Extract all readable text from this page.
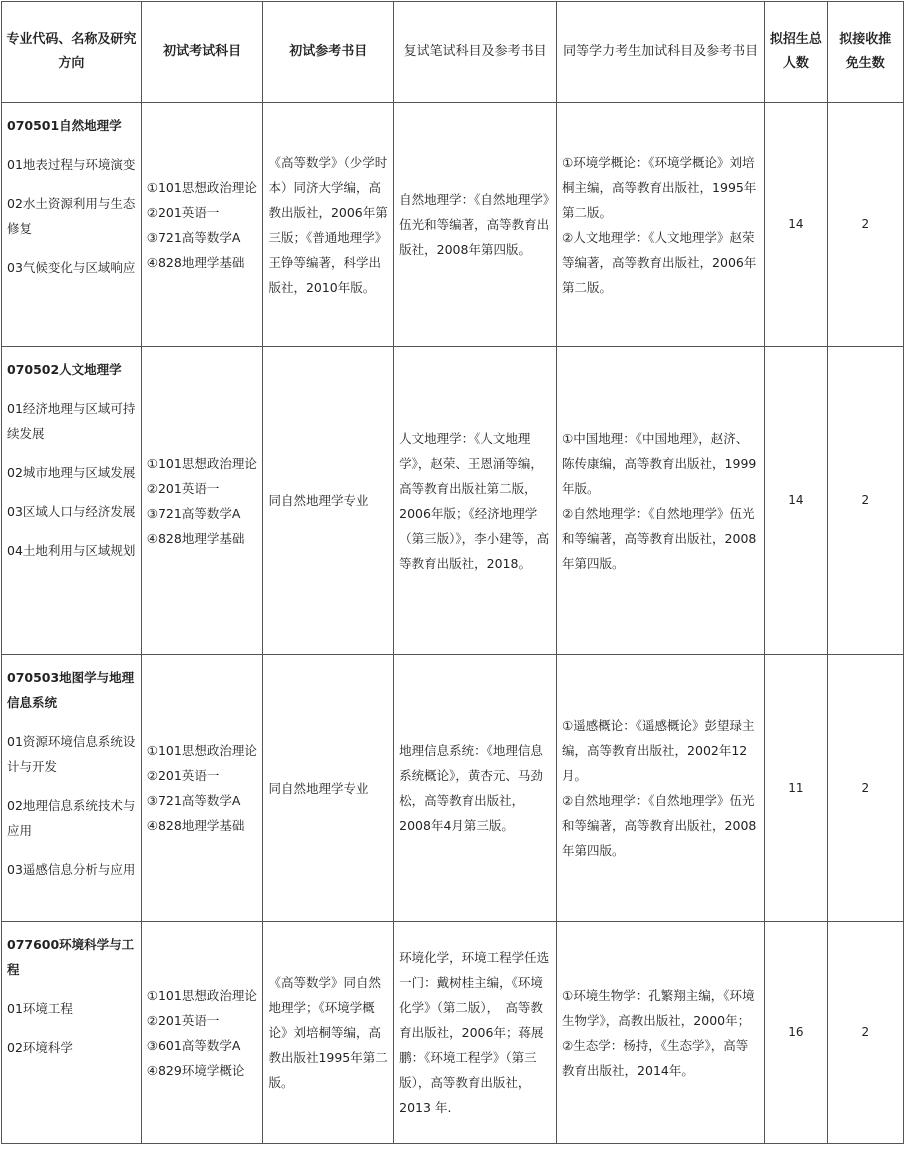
专业代码、名称及研究方向	初试考试科目	初试参考书目	复试笔试科目及参考书目	同等学力考生加试科目及参考书目	拟招生总人数	拟接收推免生数

070501自然地理学
01地表过程与环境演变
02水土资源利用与生态修复
03气候变化与区域响应	①101思想政治理论
②201英语一
③721高等数学A
④828地理学基础	《高等数学》（少学时本）同济大学编，高教出版社，2006年第三版；《普通地理学》王铮等编著，科学出版社，2010年版。	自然地理学：《自然地理学》伍光和等编著，高等教育出版社，2008年第四版。	①环境学概论：《环境学概论》刘培桐主编，高等教育出版社，1995年第二版。
②人文地理学：《人文地理学》赵荣等编著，高等教育出版社，2006年第二版。	14	2

070502人文地理学
01经济地理与区域可持续发展
02城市地理与区域发展
03区域人口与经济发展
04土地利用与区域规划	①101思想政治理论
②201英语一
③721高等数学A
④828地理学基础	同自然地理学专业	人文地理学：《人文地理学》，赵荣、王恩涌等编，高等教育出版社第二版，2006年版；《经济地理学（第三版）》，李小建等，高等教育出版社，2018。	①中国地理：《中国地理》，赵济、陈传康编，高等教育出版社，1999年版。
②自然地理学：《自然地理学》伍光和等编著，高等教育出版社，2008年第四版。	14	2

070503地图学与地理信息系统
01资源环境信息系统设　计与开发
02地理信息系统技术与　应用
03遥感信息分析与应用	①101思想政治理论
②201英语一
③721高等数学A
④828地理学基础	同自然地理学专业	地理信息系统：《地理信息系统概论》，黄杏元、马劲松，高等教育出版社，2008年4月第三版。	①遥感概论：《遥感概论》彭望琭主编，高等教育出版社，2002年12月。
②自然地理学：《自然地理学》伍光和等编著，高等教育出版社，2008年第四版。	11	2

077600环境科学与工程
01环境工程
02环境科学	①101思想政治理论
②201英语一
③601高等数学A
④829环境学概论	《高等数学》同自然地理学；《环境学概论》刘培桐等编，高教出版社1995年第二版。	环境化学，环境工程学任选一门：戴树桂主编，《环境化学》（第二版），　高等教育出版社，2006年；蒋展鹏：《环境工程学》（第三版），高等教育出版社，2013 年.	①环境生物学：孔繁翔主编，《环境生物学》，高教出版社，2000年；
②生态学：杨持，《生态学》，高等教育出版社，2014年。	16	2
